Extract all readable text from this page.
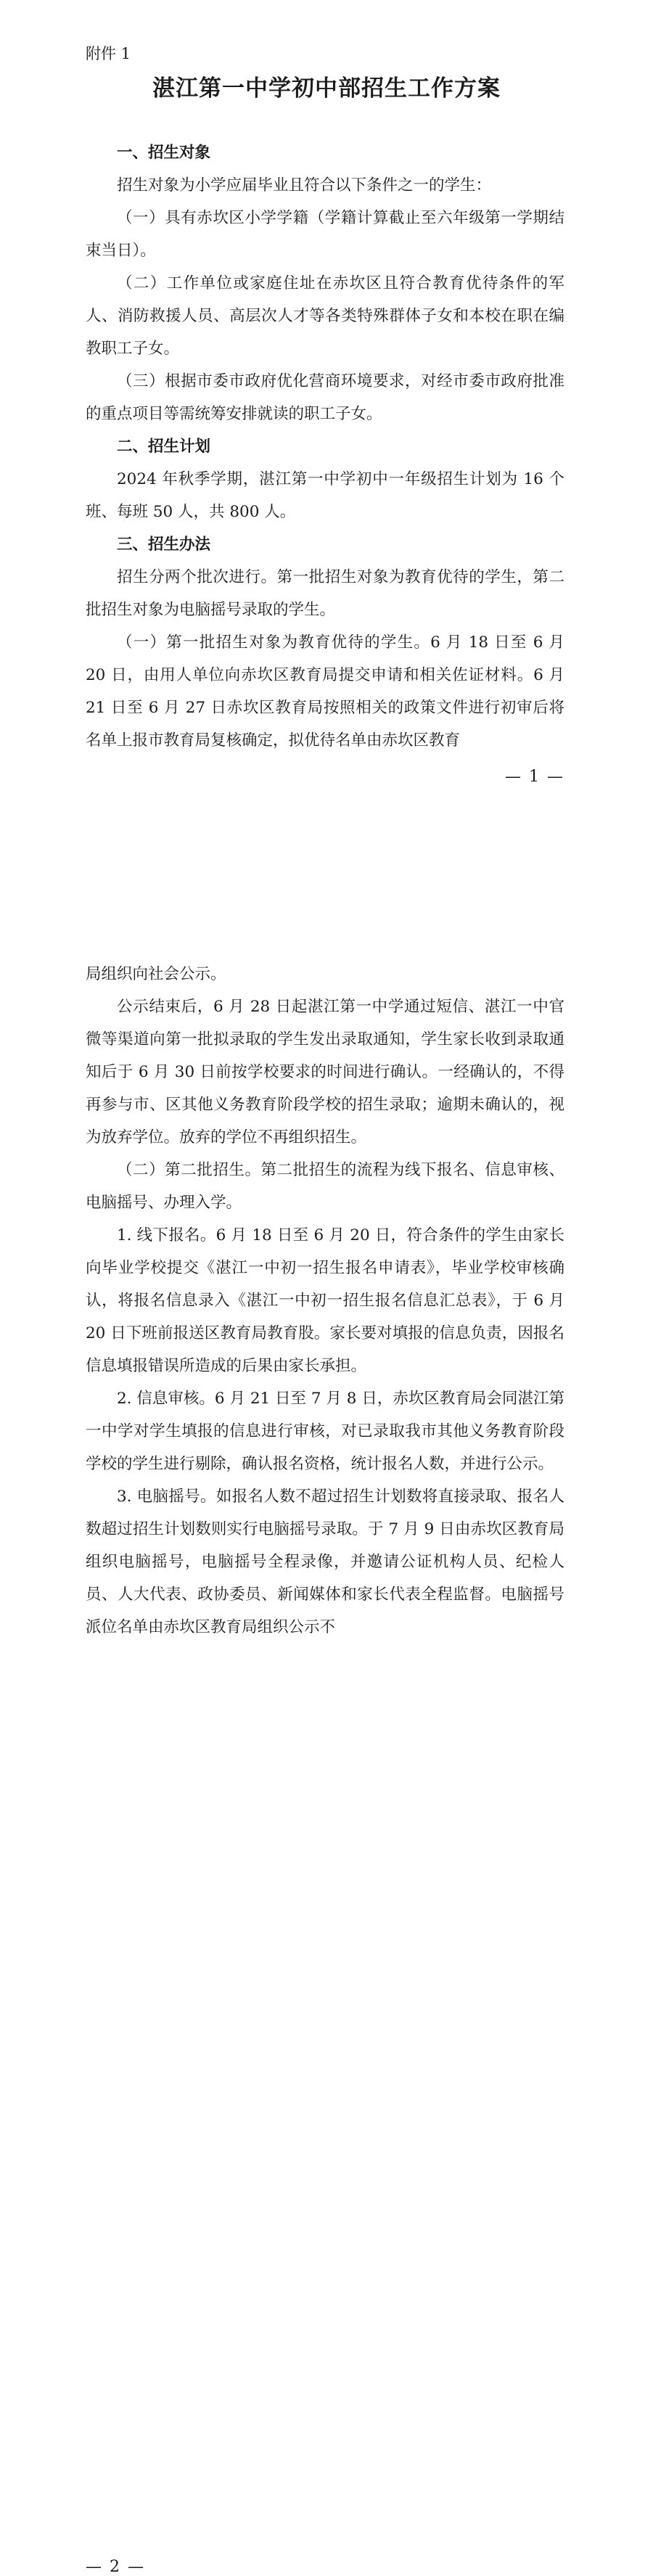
附件 1
湛江第一中学初中部招生工作方案

一、招生对象

招生对象为小学应届毕业且符合以下条件之一的学生：

（一）具有赤坎区小学学籍（学籍计算截止至六年级第一学期结束当日）。

（二）工作单位或家庭住址在赤坎区且符合教育优待条件的军人、消防救援人员、高层次人才等各类特殊群体子女和本校在职在编教职工子女。

（三）根据市委市政府优化营商环境要求，对经市委市政府批准的重点项目等需统筹安排就读的职工子女。

二、招生计划

2024 年秋季学期，湛江第一中学初中一年级招生计划为 16 个班、每班 50 人，共 800 人。

三、招生办法

招生分两个批次进行。第一批招生对象为教育优待的学生，第二批招生对象为电脑摇号录取的学生。

（一）第一批招生对象为教育优待的学生。6 月 18 日至 6 月 20 日，由用人单位向赤坎区教育局提交申请和相关佐证材料。6 月 21 日至 6 月 27 日赤坎区教育局按照相关的政策文件进行初审后将名单上报市教育局复核确定，拟优待名单由赤坎区教育

— 1 —

局组织向社会公示。

公示结束后，6 月 28 日起湛江第一中学通过短信、湛江一中官微等渠道向第一批拟录取的学生发出录取通知，学生家长收到录取通知后于 6 月 30 日前按学校要求的时间进行确认。一经确认的，不得再参与市、区其他义务教育阶段学校的招生录取；逾期未确认的，视为放弃学位。放弃的学位不再组织招生。

（二）第二批招生。第二批招生的流程为线下报名、信息审核、电脑摇号、办理入学。

1. 线下报名。6 月 18 日至 6 月 20 日，符合条件的学生由家长向毕业学校提交《湛江一中初一招生报名申请表》，毕业学校审核确认，将报名信息录入《湛江一中初一招生报名信息汇总表》，于 6 月 20 日下班前报送区教育局教育股。家长要对填报的信息负责，因报名信息填报错误所造成的后果由家长承担。

2. 信息审核。6 月 21 日至 7 月 8 日，赤坎区教育局会同湛江第一中学对学生填报的信息进行审核，对已录取我市其他义务教育阶段学校的学生进行剔除，确认报名资格，统计报名人数，并进行公示。

3. 电脑摇号。如报名人数不超过招生计划数将直接录取、报名人数超过招生计划数则实行电脑摇号录取。于 7 月 9 日由赤坎区教育局组织电脑摇号，电脑摇号全程录像，并邀请公证机构人员、纪检人员、人大代表、政协委员、新闻媒体和家长代表全程监督。电脑摇号派位名单由赤坎区教育局组织公示不

— 2 —
